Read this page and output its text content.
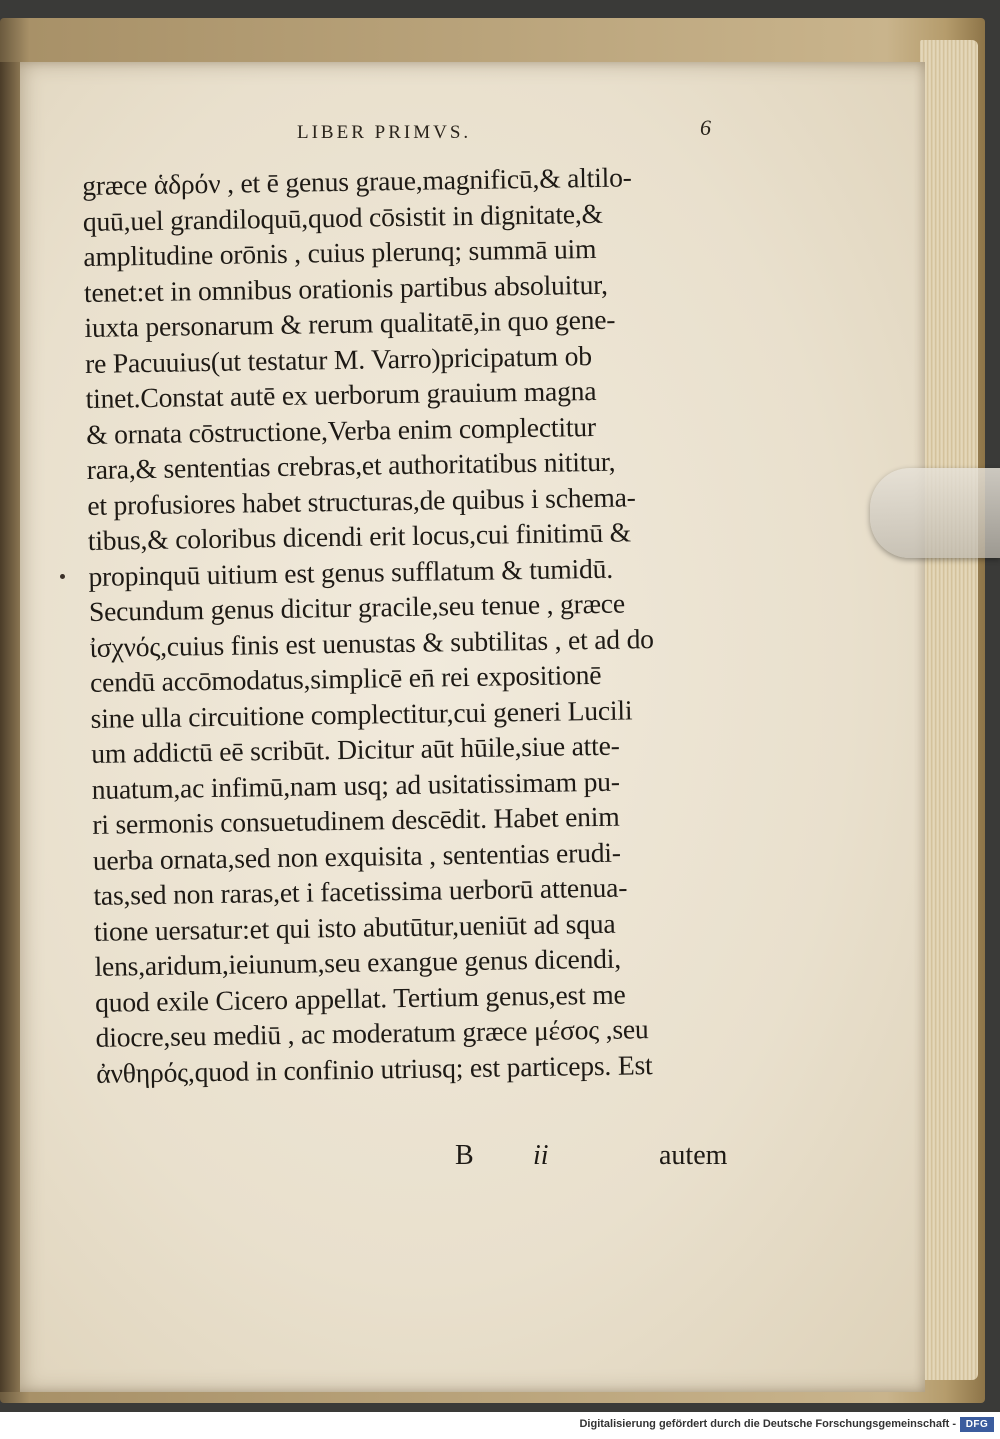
LIBER PRIMVS.	6
græce ἁδρόν , et ē genus graue,magnificū,& altilo-
quū,uel grandiloquū,quod cōsistit in dignitate,&
amplitudine orōnis , cuius plerunq; summā uim
tenet:et in omnibus orationis partibus absoluitur,
iuxta personarum & rerum qualitatē,in quo gene-
re Pacuuius(ut testatur M. Varro)pricipatum ob
tinet.Constat autē ex uerborum grauium magna
& ornata cōstructione,Verba enim complectitur
rara,& sententias crebras,et authoritatibus nititur,
et profusiores habet structuras,de quibus i schema-
tibus,& coloribus dicendi erit locus,cui finitimū &
propinquū uitium est genus sufflatum & tumidū.
Secundum genus dicitur gracile,seu tenue , græce
ἰσχνός,cuius finis est uenustas & subtilitas , et ad do
cendū accōmodatus,simplicē en̄ rei expositionē
sine ulla circuitione complectitur,cui generi Lucili
um addictū eē scribūt. Dicitur aūt hūile,siue atte-
nuatum,ac infimū,nam usq; ad usitatissimam pu-
ri sermonis consuetudinem descēdit. Habet enim
uerba ornata,sed non exquisita , sententias erudi-
tas,sed non raras,et i facetissima uerborū attenua-
tione uersatur:et qui isto abutūtur,ueniūt ad squa
lens,aridum,ieiunum,seu exangue genus dicendi,
quod exile Cicero appellat. Tertium genus,est me
diocre,seu mediū , ac moderatum græce μέσος ,seu
ἀνθηρός,quod in confinio utriusq; est particeps. Est
B ii	autem
Digitalisierung gefördert durch die Deutsche Forschungsgemeinschaft - DFG
